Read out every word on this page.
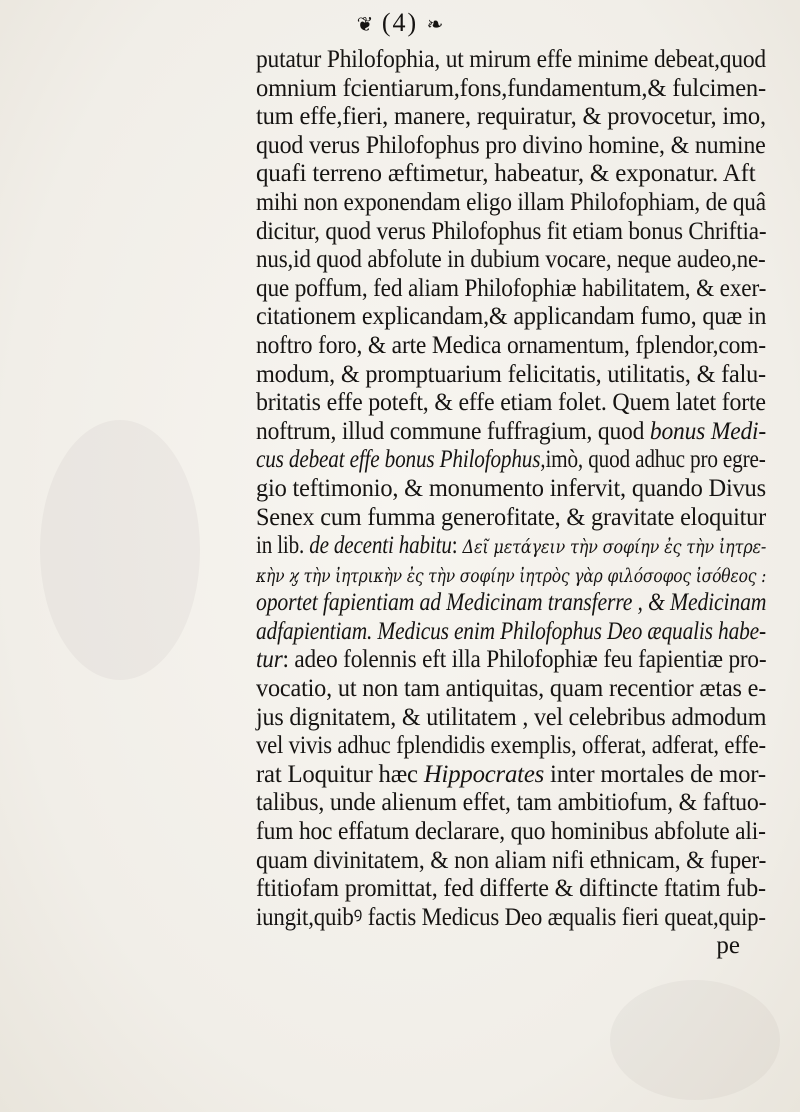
❦ (4) ❧
putatur Philofophia, ut mirum effe minime debeat,quod
omnium fcientiarum,fons,fundamentum,& fulcimen-
tum effe,fieri, manere, requiratur, & provocetur, imo,
quod verus Philofophus pro divino homine, & numine
quafi terreno æftimetur, habeatur, & exponatur. Aft
mihi non exponendam eligo illam Philofophiam, de quâ
dicitur, quod verus Philofophus fit etiam bonus Chriftia-
nus,id quod abfolute in dubium vocare, neque audeo,ne-
que poffum, fed aliam Philofophiæ habilitatem, & exer-
citationem explicandam,& applicandam fumo, quæ in
noftro foro, & arte Medica ornamentum, fplendor,com-
modum, & promptuarium felicitatis, utilitatis, & falu-
britatis effe poteft, & effe etiam folet. Quem latet forte
noftrum, illud commune fuffragium, quod bonus Medi-
cus debeat effe bonus Philofophus,imò, quod adhuc pro egre-
gio teftimonio, & monumento infervit, quando Divus
Senex cum fumma generofitate, & gravitate eloquitur
in lib. de decenti habitu: Δεῖ μετάγειν τὴν σοφίην ἐς τὴν ἰητρε-
κὴν ϗ τὴν ἰητρικὴν ἐς τὴν σοφίην ἰητρὸς γὰρ φιλόσοφος ἰσόθεος :
oportet fapientiam ad Medicinam transferre , & Medicinam
adfapientiam. Medicus enim Philofophus Deo æqualis habe-
tur: adeo folennis eft illa Philofophiæ feu fapientiæ pro-
vocatio, ut non tam antiquitas, quam recentior ætas e-
jus dignitatem, & utilitatem , vel celebribus admodum
vel vivis adhuc fplendidis exemplis, offerat, adferat, effe-
rat Loquitur hæc Hippocrates inter mortales de mor-
talibus, unde alienum effet, tam ambitiofum, & faftuo-
fum hoc effatum declarare, quo hominibus abfolute ali-
quam divinitatem, & non aliam nifi ethnicam, & fuper-
ftitiofam promittat, fed differte & diftincte ftatim fub-
iungit,quibꝰ factis Medicus Deo æqualis fieri queat,quip-
pe
